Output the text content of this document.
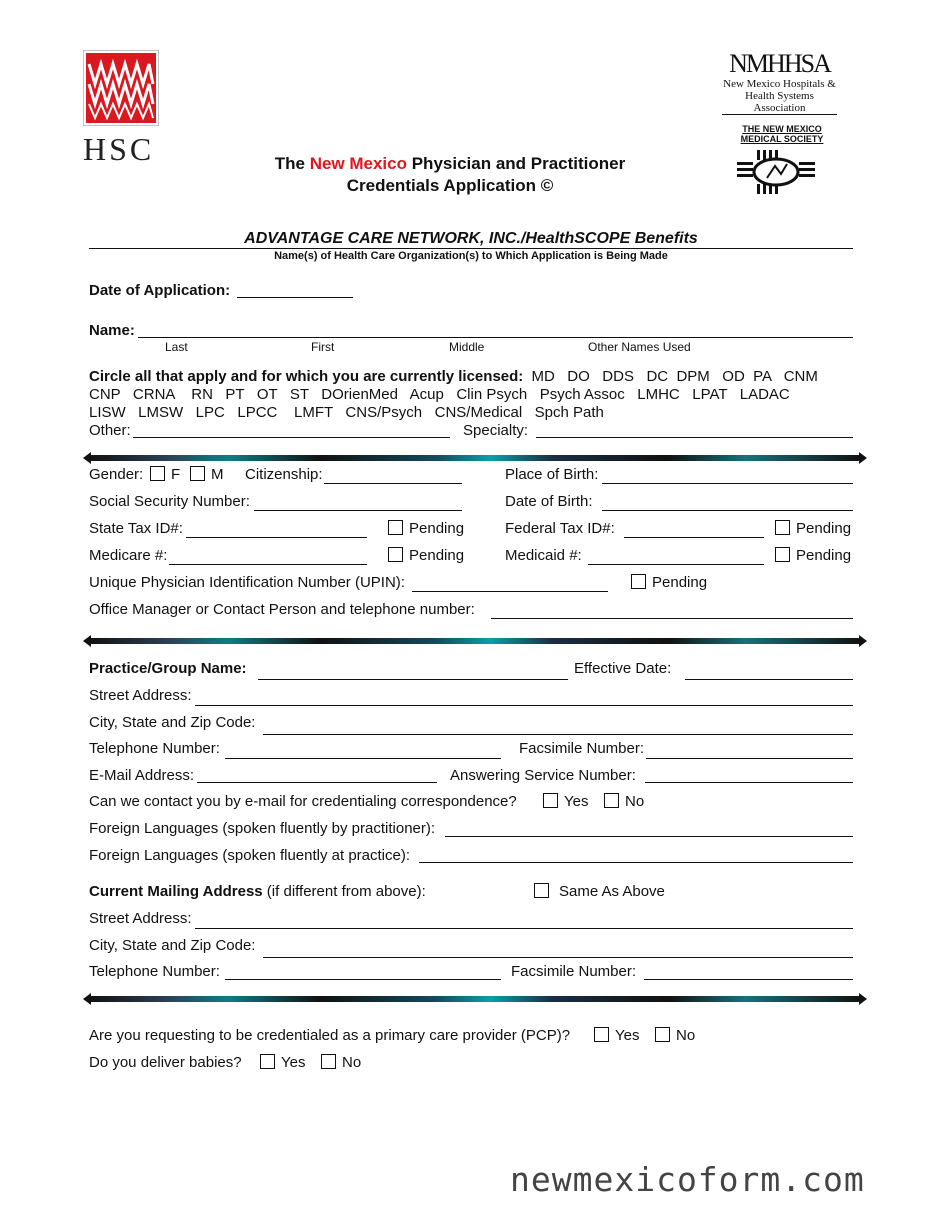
HSC
NMHHSA
New Mexico Hospitals &
Health Systems Association
THE NEW MEXICO
MEDICAL SOCIETY
The New Mexico Physician and Practitioner
Credentials Application ©
ADVANTAGE CARE NETWORK, INC./HealthSCOPE Benefits
Name(s) of Health Care Organization(s) to Which Application is Being Made
Date of Application:
Name:
Last	First	Middle	Other Names Used
Circle all that apply and for which you are currently licensed: MD   DO   DDS   DC  DPM   OD  PA   CNM
CNP   CRNA    RN   PT   OT   ST   DOrienMed   Acup   Clin Psych   Psych Assoc   LMHC   LPAT   LADAC
LISW   LMSW   LPC   LPCC    LMFT   CNS/Psych   CNS/Medical   Spch Path
Other:	Specialty:
Gender:	F	M Citizenship:	Place of Birth:
Social Security Number:	Date of Birth:
State Tax ID#:	Pending	Federal Tax ID#:	Pending
Medicare #:	Pending	Medicaid #:	Pending
Unique Physician Identification Number (UPIN):	Pending
Office Manager or Contact Person and telephone number:
Practice/Group Name:	Effective Date:
Street Address:
City, State and Zip Code:
Telephone Number:	Facsimile Number:
E-Mail Address:	Answering Service Number:
Can we contact you by e-mail for credentialing correspondence?	Yes	No
Foreign Languages (spoken fluently by practitioner):
Foreign Languages (spoken fluently at practice):
Current Mailing Address (if different from above):	Same As Above
Street Address:
City, State and Zip Code:
Telephone Number:	Facsimile Number:
Are you requesting to be credentialed as a primary care provider (PCP)?	Yes	No
Do you deliver babies?	Yes	No
newmexicoform.com
